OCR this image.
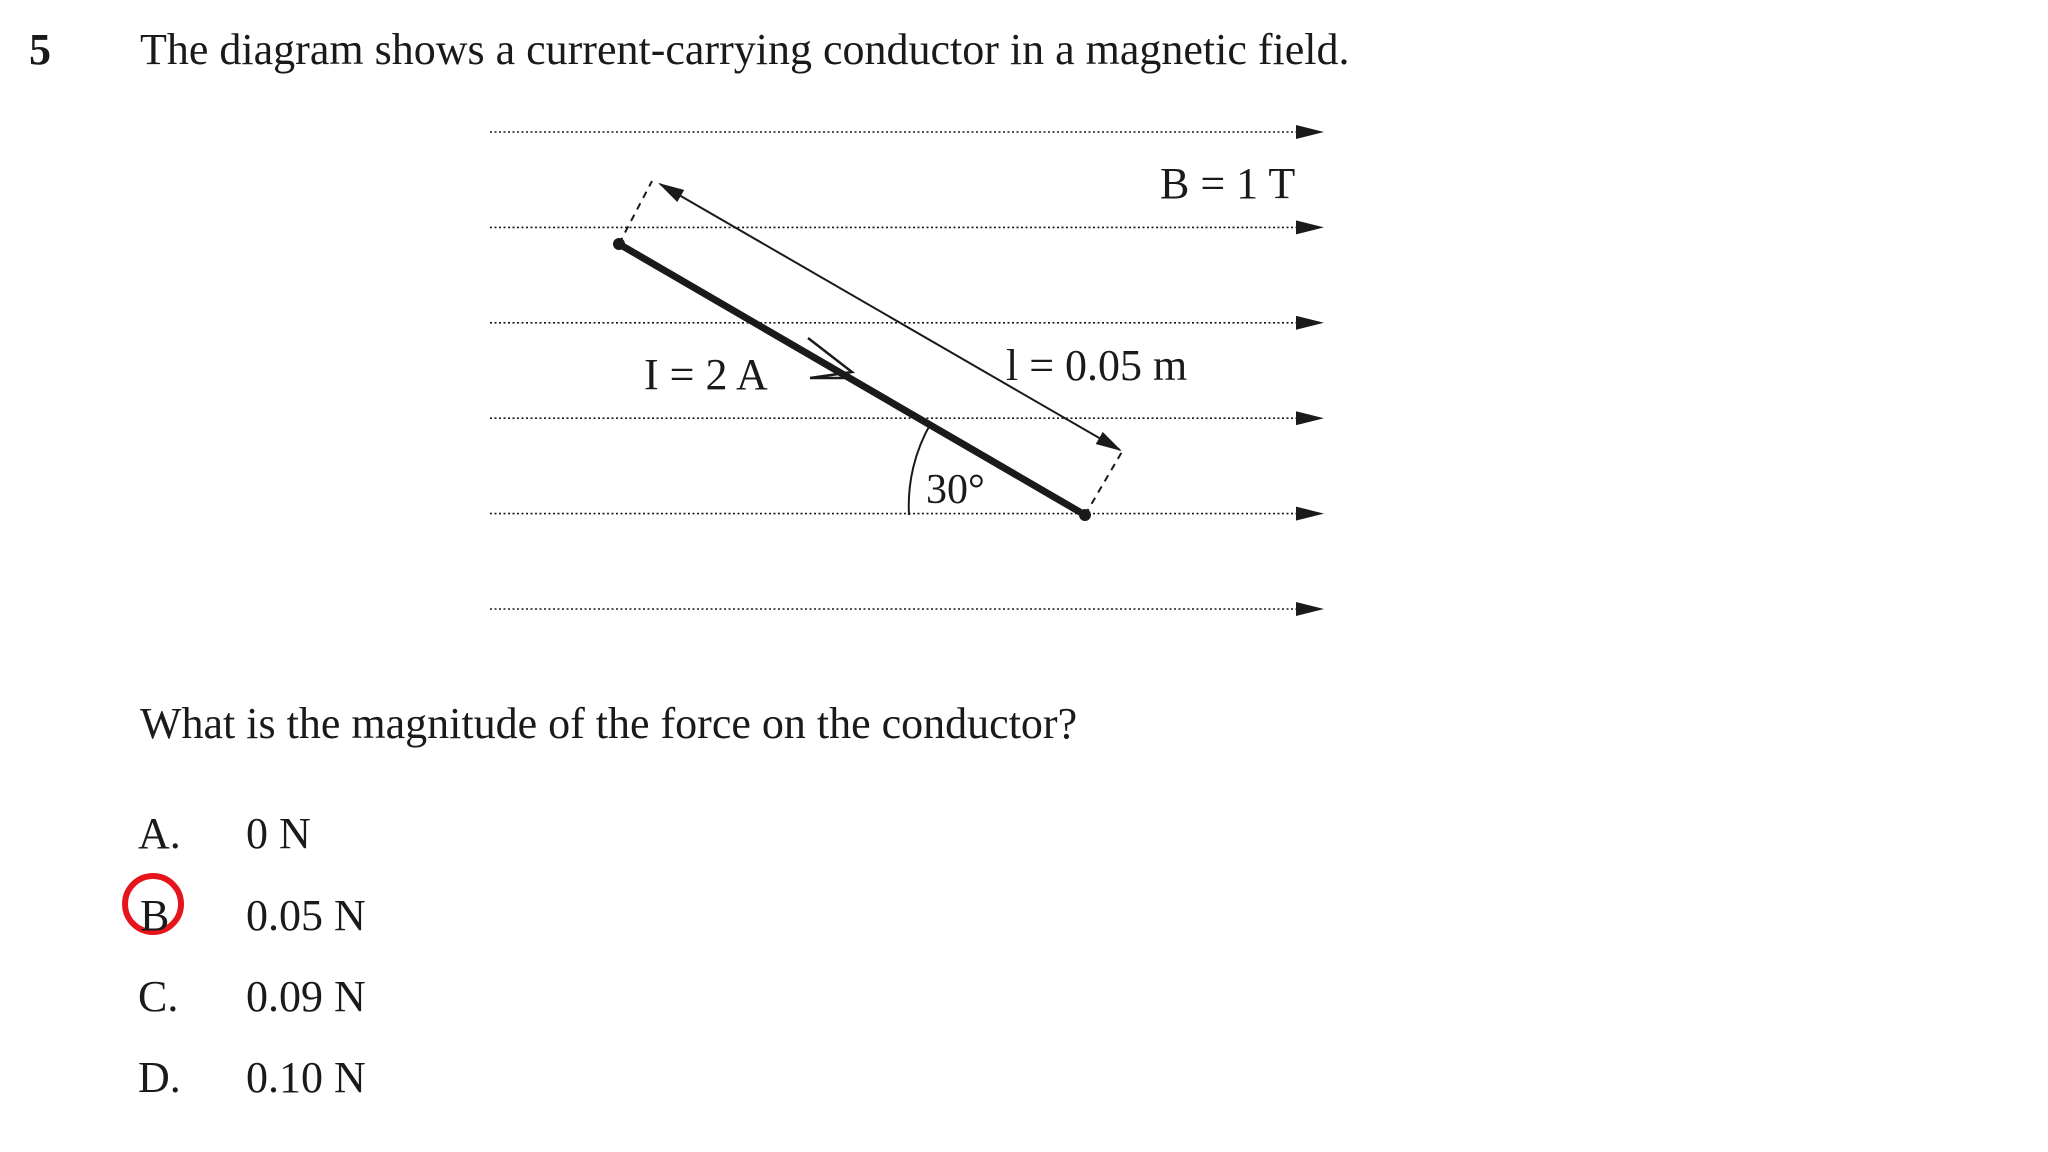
5 The diagram shows a current-carrying conductor in a magnetic field.
B = 1 T
I = 2 A	l = 0.05 m
30°
What is the magnitude of the force on the conductor?
A. 0 N
B 0.05 N
C. 0.09 N
D. 0.10 N
